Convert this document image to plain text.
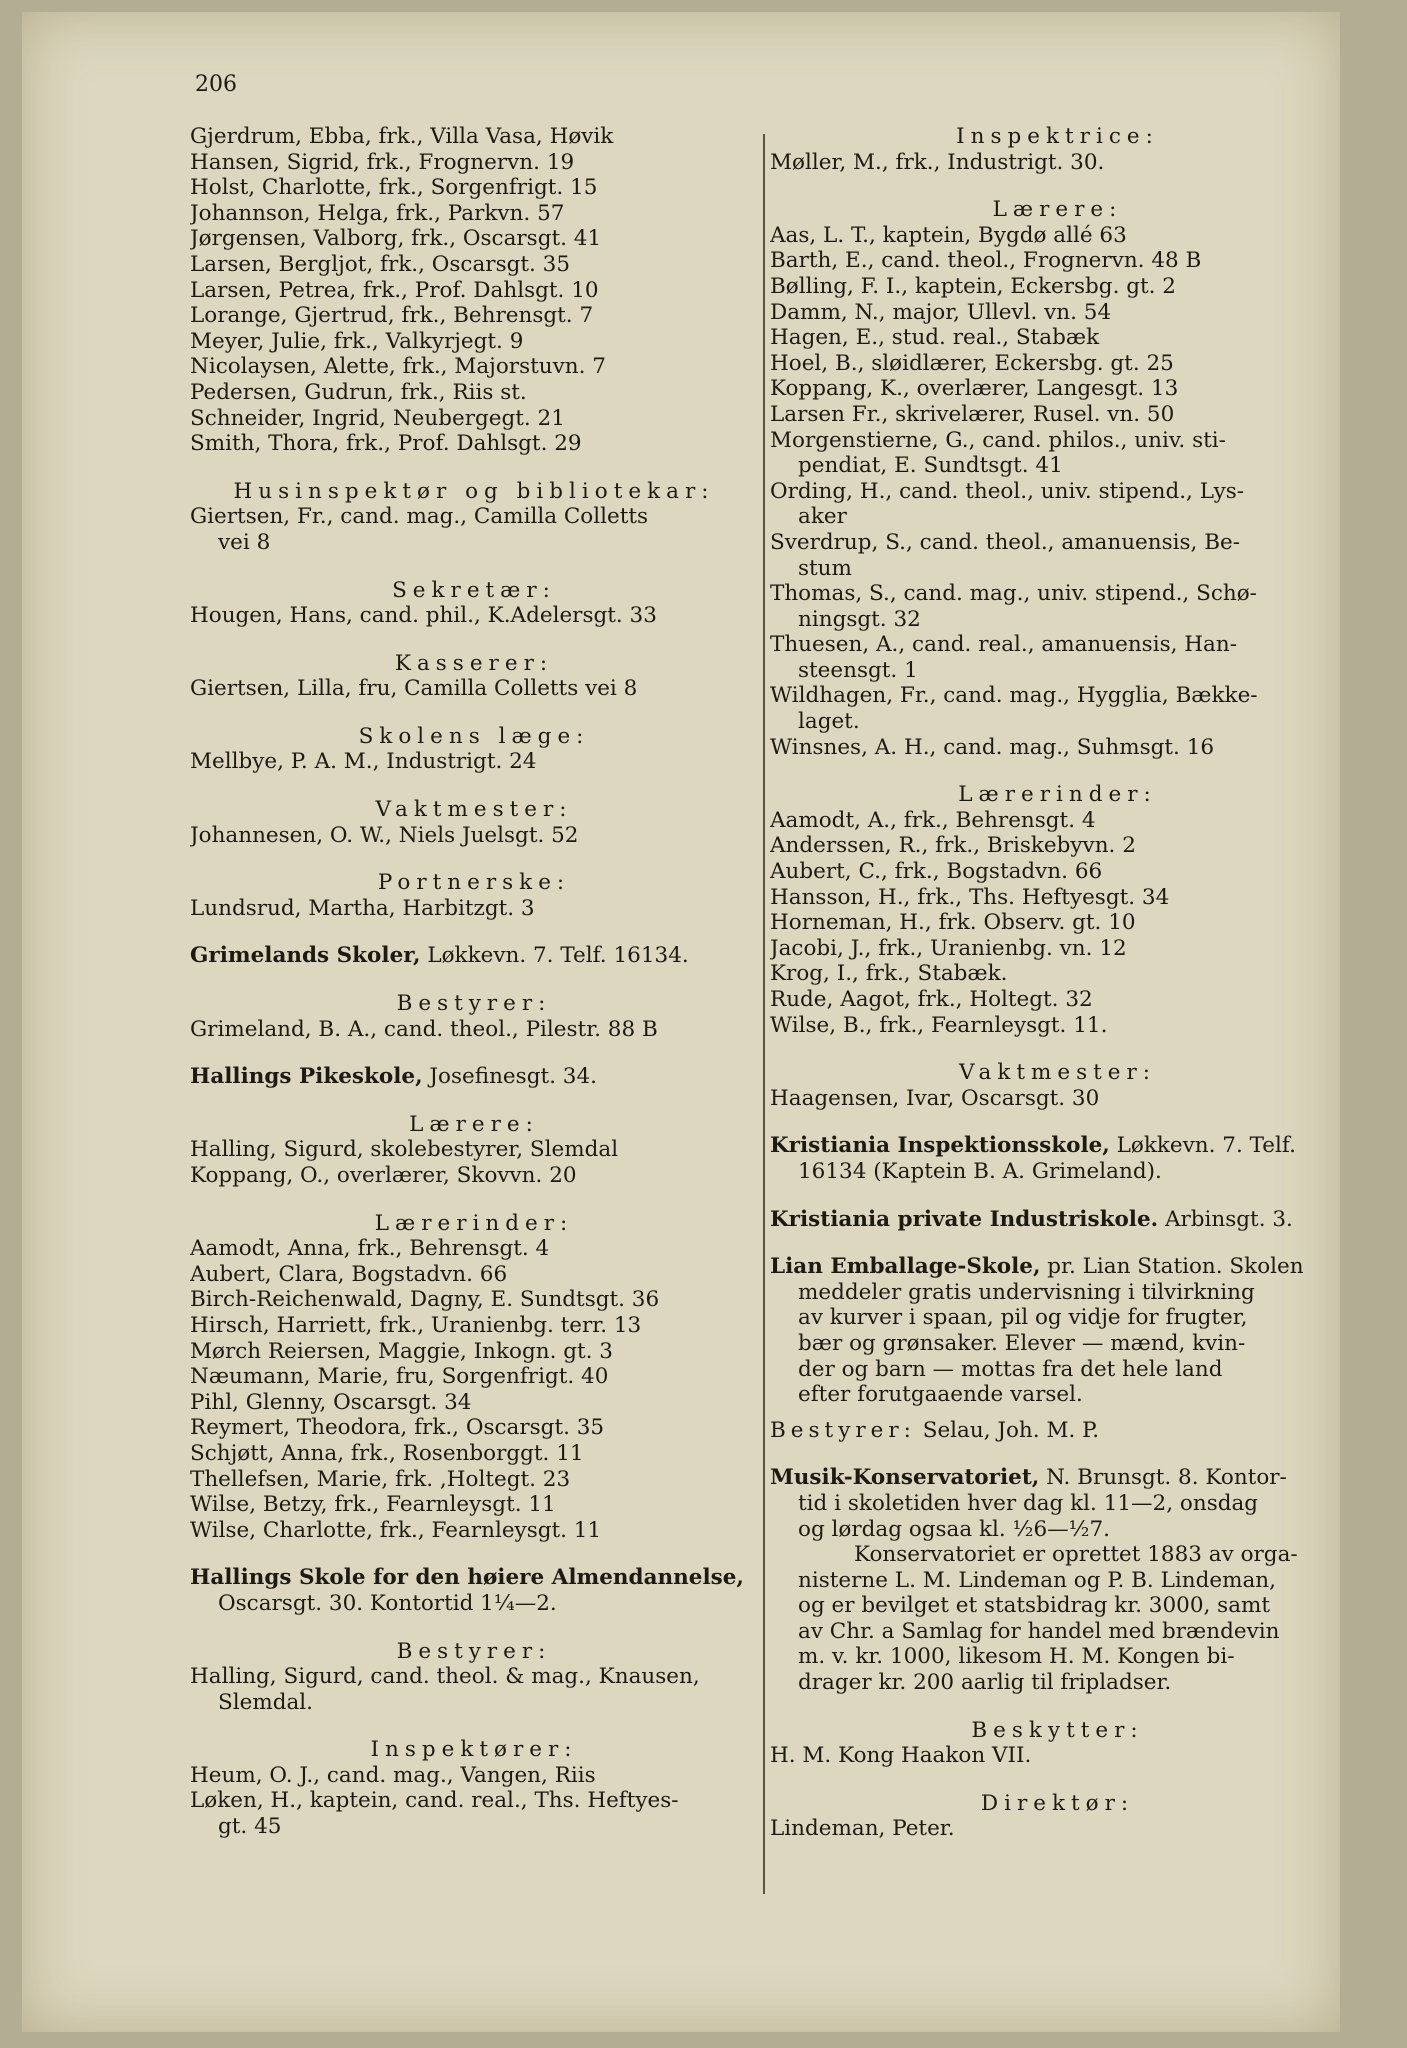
206
Gjerdrum, Ebba, frk., Villa Vasa, Høvik
Hansen, Sigrid, frk., Frognervn. 19
Holst, Charlotte, frk., Sorgenfrigt. 15
Johannson, Helga, frk., Parkvn. 57
Jørgensen, Valborg, frk., Oscarsgt. 41
Larsen, Bergljot, frk., Oscarsgt. 35
Larsen, Petrea, frk., Prof. Dahlsgt. 10
Lorange, Gjertrud, frk., Behrensgt. 7
Meyer, Julie, frk., Valkyrjegt. 9
Nicolaysen, Alette, frk., Majorstuvn. 7
Pedersen, Gudrun, frk., Riis st.
Schneider, Ingrid, Neubergegt. 21
Smith, Thora, frk., Prof. Dahlsgt. 29
Husinspektør og bibliotekar:
Giertsen, Fr., cand. mag., Camilla Colletts
vei 8
Sekretær:
Hougen, Hans, cand. phil., K.Adelersgt. 33
Kasserer:
Giertsen, Lilla, fru, Camilla Colletts vei 8
Skolens læge:
Mellbye, P. A. M., Industrigt. 24
Vaktmester:
Johannesen, O. W., Niels Juelsgt. 52
Portnerske:
Lundsrud, Martha, Harbitzgt. 3
Grimelands Skoler, Løkkevn. 7. Telf. 16134.
Bestyrer:
Grimeland, B. A., cand. theol., Pilestr. 88 B
Hallings Pikeskole, Josefinesgt. 34.
Lærere:
Halling, Sigurd, skolebestyrer, Slemdal
Koppang, O., overlærer, Skovvn. 20
Lærerinder:
Aamodt, Anna, frk., Behrensgt. 4
Aubert, Clara, Bogstadvn. 66
Birch-Reichenwald, Dagny, E. Sundtsgt. 36
Hirsch, Harriett, frk., Uranienbg. terr. 13
Mørch Reiersen, Maggie, Inkogn. gt. 3
Næumann, Marie, fru, Sorgenfrigt. 40
Pihl, Glenny, Oscarsgt. 34
Reymert, Theodora, frk., Oscarsgt. 35
Schjøtt, Anna, frk., Rosenborggt. 11
Thellefsen, Marie, frk. ,Holtegt. 23
Wilse, Betzy, frk., Fearnleysgt. 11
Wilse, Charlotte, frk., Fearnleysgt. 11
Hallings Skole for den høiere Almendannelse,
Oscarsgt. 30. Kontortid 1¼—2.
Bestyrer:
Halling, Sigurd, cand. theol. & mag., Knausen,
Slemdal.
Inspektører:
Heum, O. J., cand. mag., Vangen, Riis
Løken, H., kaptein, cand. real., Ths. Heftyes-
gt. 45
Inspektrice:
Møller, M., frk., Industrigt. 30.
Lærere:
Aas, L. T., kaptein, Bygdø allé 63
Barth, E., cand. theol., Frognervn. 48 B
Bølling, F. I., kaptein, Eckersbg. gt. 2
Damm, N., major, Ullevl. vn. 54
Hagen, E., stud. real., Stabæk
Hoel, B., sløidlærer, Eckersbg. gt. 25
Koppang, K., overlærer, Langesgt. 13
Larsen Fr., skrivelærer, Rusel. vn. 50
Morgenstierne, G., cand. philos., univ. sti-
pendiat, E. Sundtsgt. 41
Ording, H., cand. theol., univ. stipend., Lys-
aker
Sverdrup, S., cand. theol., amanuensis, Be-
stum
Thomas, S., cand. mag., univ. stipend., Schø-
ningsgt. 32
Thuesen, A., cand. real., amanuensis, Han-
steensgt. 1
Wildhagen, Fr., cand. mag., Hygglia, Bække-
laget.
Winsnes, A. H., cand. mag., Suhmsgt. 16
Lærerinder:
Aamodt, A., frk., Behrensgt. 4
Anderssen, R., frk., Briskebyvn. 2
Aubert, C., frk., Bogstadvn. 66
Hansson, H., frk., Ths. Heftyesgt. 34
Horneman, H., frk. Observ. gt. 10
Jacobi, J., frk., Uranienbg. vn. 12
Krog, I., frk., Stabæk.
Rude, Aagot, frk., Holtegt. 32
Wilse, B., frk., Fearnleysgt. 11.
Vaktmester:
Haagensen, Ivar, Oscarsgt. 30
Kristiania Inspektionsskole, Løkkevn. 7. Telf.
16134 (Kaptein B. A. Grimeland).
Kristiania private Industriskole. Arbinsgt. 3.
Lian Emballage-Skole, pr. Lian Station. Skolen
meddeler gratis undervisning i tilvirkning
av kurver i spaan, pil og vidje for frugter,
bær og grønsaker. Elever — mænd, kvin-
der og barn — mottas fra det hele land
efter forutgaaende varsel.
Bestyrer: Selau, Joh. M. P.
Musik-Konservatoriet, N. Brunsgt. 8. Kontor-
tid i skoletiden hver dag kl. 11—2, onsdag
og lørdag ogsaa kl. ½6—½7.
Konservatoriet er oprettet 1883 av orga-
nisterne L. M. Lindeman og P. B. Lindeman,
og er bevilget et statsbidrag kr. 3000, samt
av Chr. a Samlag for handel med brændevin
m. v. kr. 1000, likesom H. M. Kongen bi-
drager kr. 200 aarlig til fripladser.
Beskytter:
H. M. Kong Haakon VII.
Direktør:
Lindeman, Peter.
